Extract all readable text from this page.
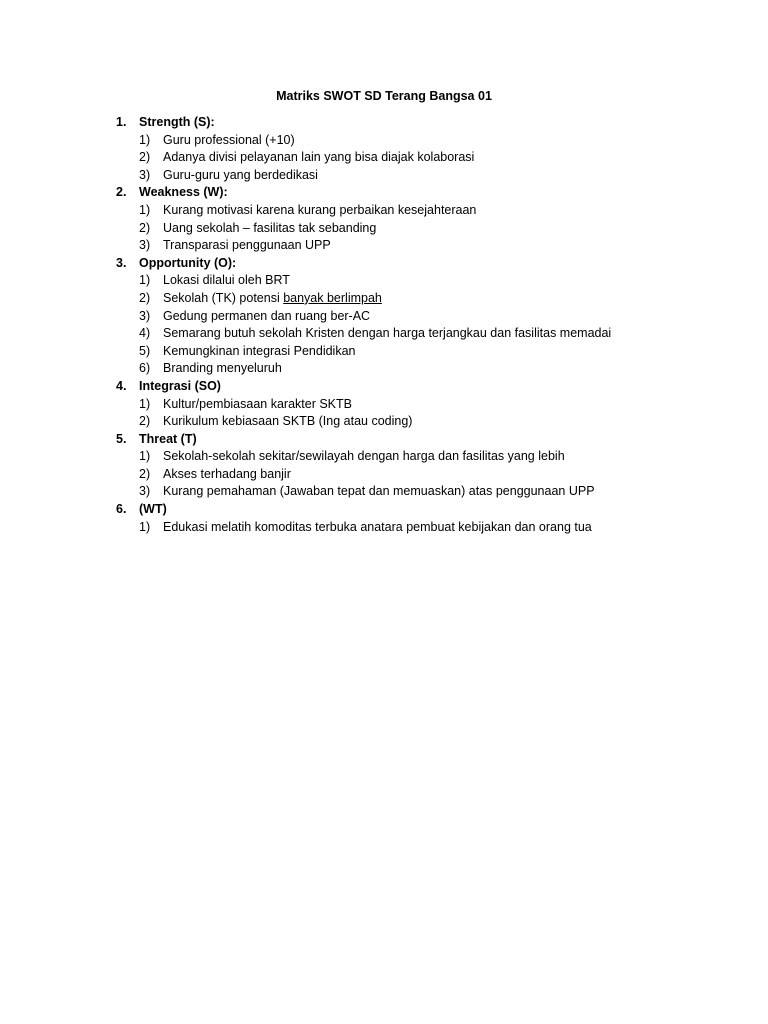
Matriks SWOT SD Terang Bangsa 01
1. Strength (S):
1) Guru professional (+10)
2) Adanya divisi pelayanan lain yang bisa diajak kolaborasi
3) Guru-guru yang berdedikasi
2. Weakness (W):
1) Kurang motivasi karena kurang perbaikan kesejahteraan
2) Uang sekolah – fasilitas tak sebanding
3) Transparasi penggunaan UPP
3. Opportunity (O):
1) Lokasi dilalui oleh BRT
2) Sekolah (TK) potensi banyak berlimpah
3) Gedung permanen dan ruang ber-AC
4) Semarang butuh sekolah Kristen dengan harga terjangkau dan fasilitas memadai
5) Kemungkinan integrasi Pendidikan
6) Branding menyeluruh
4. Integrasi (SO)
1) Kultur/pembiasaan karakter SKTB
2) Kurikulum kebiasaan SKTB (Ing atau coding)
5. Threat (T)
1) Sekolah-sekolah sekitar/sewilayah dengan harga dan fasilitas yang lebih
2) Akses terhadang banjir
3) Kurang pemahaman (Jawaban tepat dan memuaskan) atas penggunaan UPP
6. (WT)
1) Edukasi melatih komoditas terbuka anatara pembuat kebijakan dan orang tua
